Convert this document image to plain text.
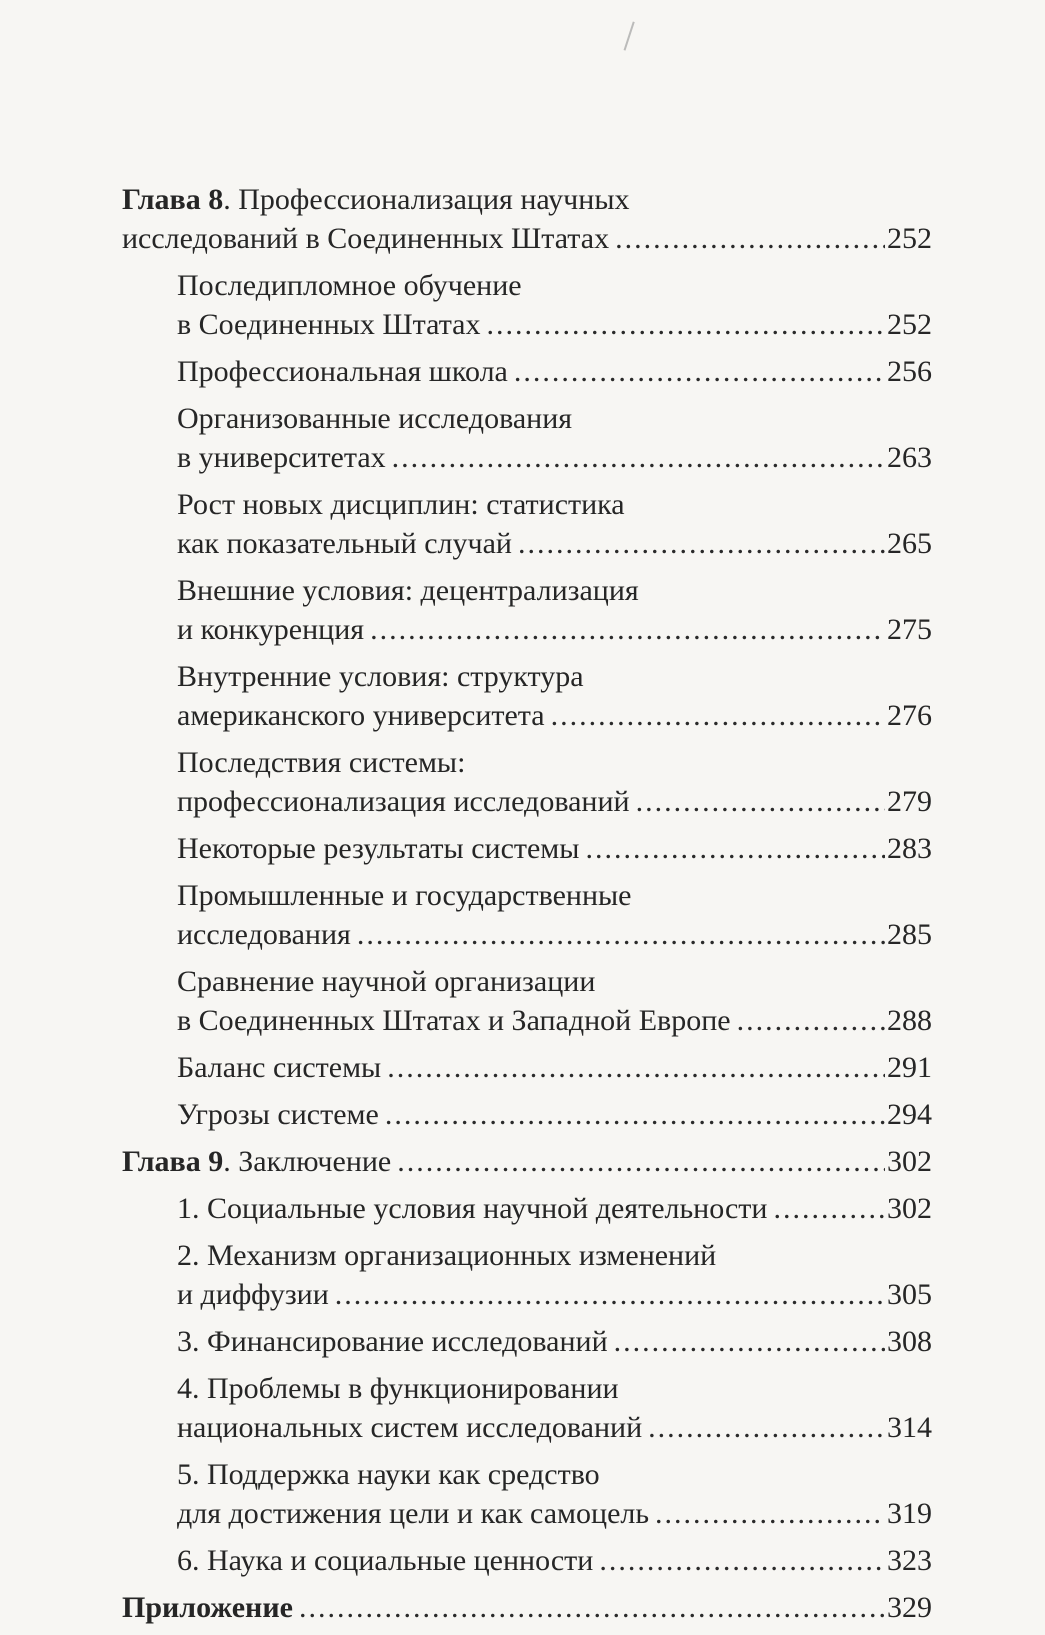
Глава 8. Профессионализация научных
исследований в Соединенных Штатах .....	252
Последипломное обучение
в Соединенных Штатах .....	252
Профессиональная школа .....	256
Организованные исследования
в университетах .....	263
Рост новых дисциплин: статистика
как показательный случай .....	265
Внешние условия: децентрализация
и конкуренция .....	275
Внутренние условия: структура
американского университета .....	276
Последствия системы:
профессионализация исследований .....	279
Некоторые результаты системы .....	283
Промышленные и государственные
исследования .....	285
Сравнение научной организации
в Соединенных Штатах и Западной Европе .....	288
Баланс системы .....	291
Угрозы системе .....	294
Глава 9. Заключение .....	302
1. Социальные условия научной деятельности .....	302
2. Механизм организационных изменений
и диффузии .....	305
3. Финансирование исследований .....	308
4. Проблемы в функционировании
национальных систем исследований .....	314
5. Поддержка науки как средство
для достижения цели и как самоцель .....	319
6. Наука и социальные ценности .....	323
Приложение .....	329
